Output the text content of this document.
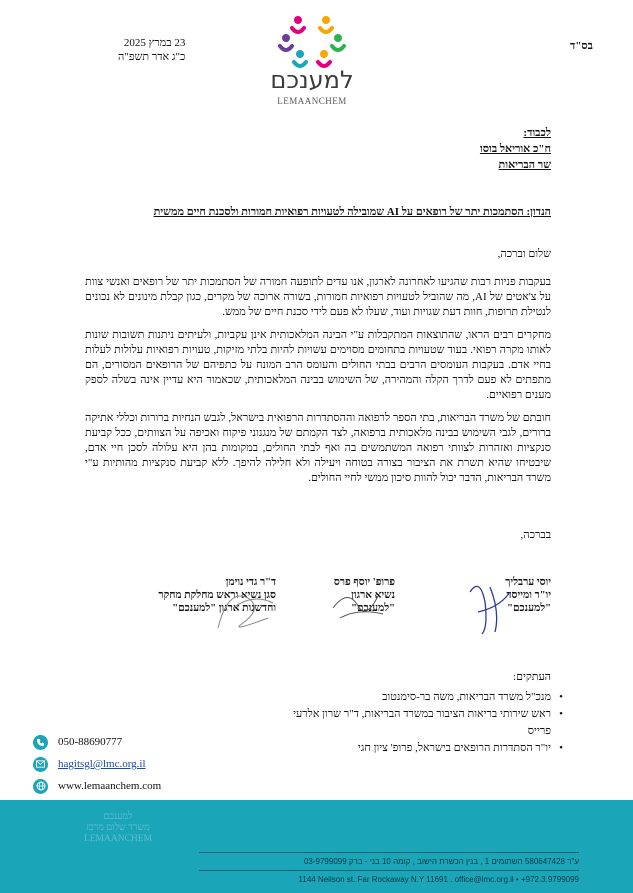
בס"ד
23 במרץ 2025
כ"ג אדר תשפ"ה
למענכם
LEMAANCHEM
לכבוד:
ח"כ אוריאל בוסו
שר הבריאות
הנדון: הסתמכות יתר של רופאים על AI שמובילה לטעויות רפואיות חמורות ולסכנת חיים ממשית
שלום וברכה,
בעקבות פניות רבות שהגיעו לאחרונה לארגון, אנו עדים לתופעה חמורה של הסתמכות יתר של רופאים ואנשי צוות על צ'אטים של AI, מה שהוביל לטעויות רפואיות חמורות, בשורה ארוכה של מקרים, כגון קבלת מינונים לא נכונים לנטילת תרופות, חוות דעת שגויות ועוד, שעלו לא פעם לידי סכנת חיים של ממש.
מחקרים רבים הראו, שהתוצאות המתקבלות ע"י הבינה המלאכותית אינן עקביות, ולעיתים ניתנות תשובות שונות לאותו מקרה רפואי. בעוד שטעויות בתחומים מסוימים עשויות להיות בלתי מזיקות, טעויות רפואיות עלולות לעלות בחיי אדם. בעקבות העומסים הרבים בבתי החולים והעומס הרב המונח על כתפיהם של הרופאים המסורים, הם מתפתים לא פעם לדרך הקלה והמהירה, של השימוש בבינה המלאכותית, שכאמור היא עדיין אינה בשלה לספק מענים רפואיים.
חובתם של משרד הבריאות, בתי הספר לרפואה וההסתדרות הרפואית בישראל, לגבש הנחיות ברורות וכללי אתיקה ברורים, לגבי השימוש בבינה מלאכותית ברפואה, לצד הקמתם של מנגנוני פיקוח ואכיפה על הצוותים, ככל קביעת סנקציות ואזהרות לצוותי רפואה המשתמשים בה ואף לבתי החולים, במקומות בהן היא עלולה לסכן חיי אדם, שיבטיחו שהיא תשרת את הציבור בצורה בטוחה ויעילה ולא חלילה להיפך. ללא קביעת סנקציות מהותיות ע"י משרד הבריאות, הדבר יכול להוות סיכון ממשי לחיי החולים.
בברכה,
יוסי ערבליך
יו"ר ומייסד
"למענכם"
פרופ' יוסף פרס
נשיא ארגון
"למענכם"
ד"ר גדי נוימן
סגן נשיא וראש מחלקת מחקר
וחדשנות ארגון "למענכם"
העתקים:
• מנכ"ל משרד הבריאות, משה בר-סימנטוב
• ראש שירותי בריאות הציבור במשרד הבריאות, ד"ר שרון אלרעי פרייס
• יו"ר הסתדרות הרופאים בישראל, פרופ' ציון חגי
050-88690777
hagitsgl@lmc.org.il
www.lemaanchem.com
למענכם
משרד שלום מרכז
LEMAANCHEM
ע"ר 580647428 השתומים 1 , בנין הכשרת הישוב , קומה 10 בני - ברק 03-9799099
1144 Neilson st. Far Rockaway N.Y 11691 . office@lmc.org.il • +972.3.9799099
